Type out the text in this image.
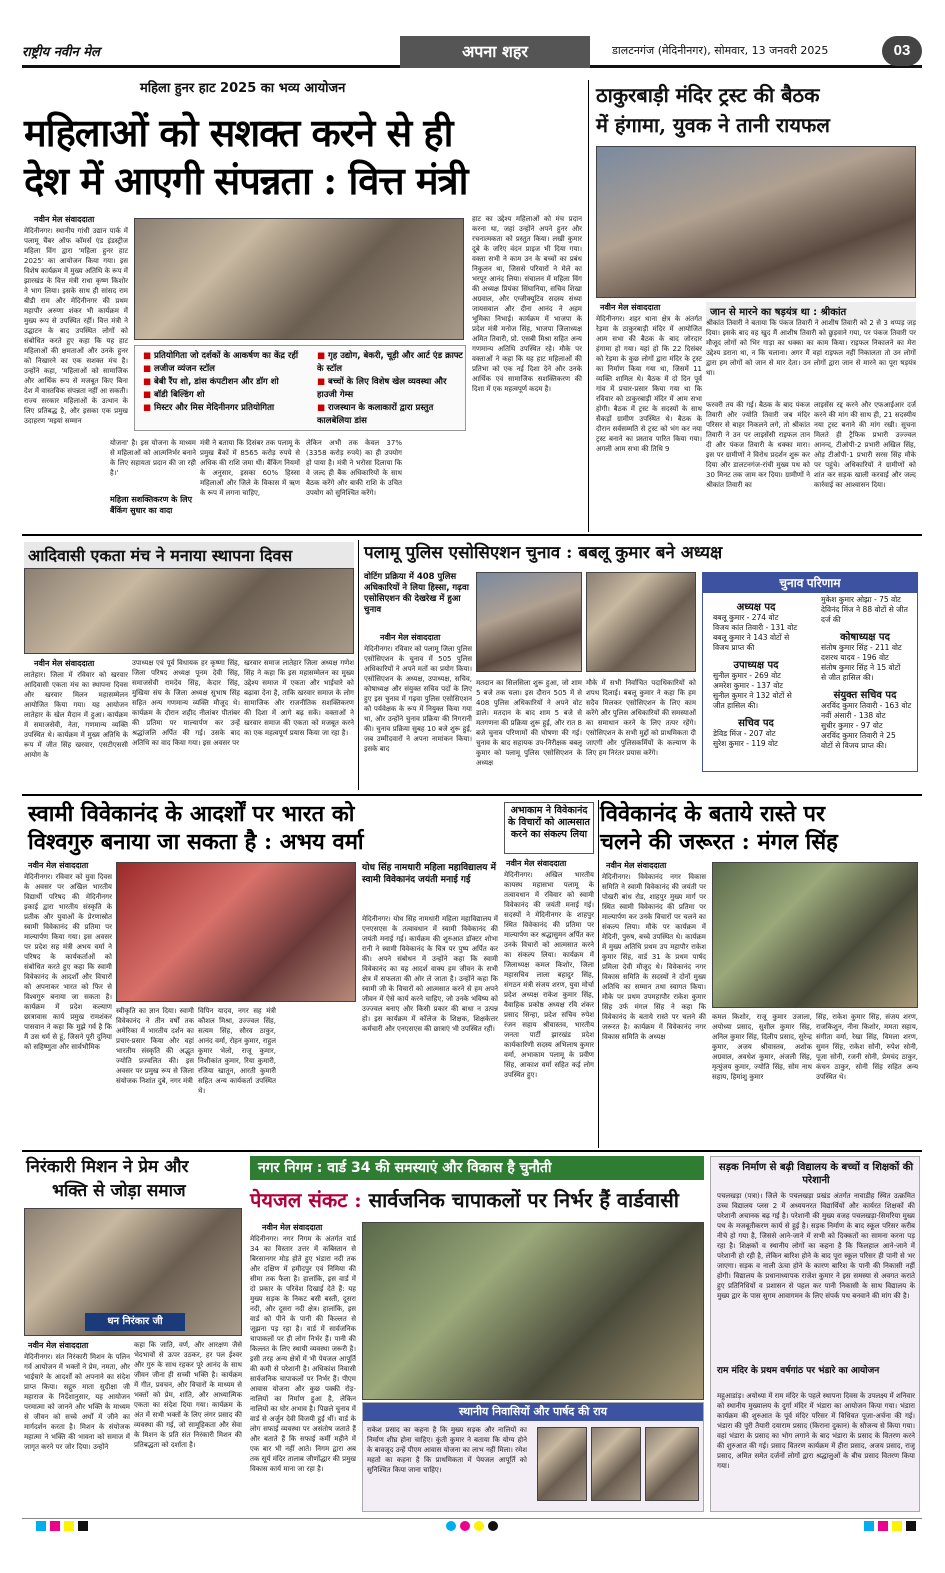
राष्ट्रीय नवीन मेल	अपना शहर	डालटनगंज (मेदिनीनगर), सोमवार, 13 जनवरी 2025	03
महिला हुनर हाट 2025 का भव्य आयोजन
महिलाओं को सशक्त करने से ही
देश में आएगी संपन्नता : वित्त मंत्री
नवीन मेल संवाददाता
मेदिनीनगर। स्थानीय गांधी उद्यान पार्क में पलामू चैंबर ऑफ कॉमर्स एंड इंडस्ट्रीज महिला विंग द्वारा 'महिला हुनर हाट 2025' का आयोजन किया गया। इस विशेष कार्यक्रम में मुख्य अतिथि के रूप में झारखंड के वित्त मंत्री राधा कृष्ण किशोर ने भाग लिया। इसके साथ ही सांसद राम बीडी राम और मेदिनीनगर की प्रथम महापौर अरुणा शंकर भी कार्यक्रम में मुख्य रूप से उपस्थित रहीं। वित्त मंत्री ने उद्घाटन के बाद उपस्थित लोगों को संबोधित करते हुए कहा कि यह हाट महिलाओं की क्षमताओं और उनके हुनर को निखारने का एक सशक्त मंच है। उन्होंने कहा, 'महिलाओं को सामाजिक और आर्थिक रूप से मजबूत किए बिना देश में वास्तविक संपन्नता नहीं आ सकती। राज्य सरकार महिलाओं के उत्थान के लिए प्रतिबद्ध है, और इसका एक प्रमुख उदाहरण 'मइयां सम्मान
हाट का उद्देश्य महिलाओं को मंच प्रदान करना था, जहां उन्होंने अपने हुनर और रचनात्मकता को प्रस्तुत किया। लखी कुमार दूबे के जरिए वंदन प्राइज भी दिया गया। वक्ता सभी ने काम उन के बच्चों का प्रबंध निकुलन था, जिससे परिवारों ने मेले का भरपूर आनंद लिया। संचालन में महिला विंग की अध्यक्ष प्रियंका सिंघानिया, सचिव शिखा अग्रवाल, और एग्जीक्यूटिव सदस्य संध्या जायसवाल और दीना आनंद ने अहम भूमिका निभाई। कार्यक्रम में भाजपा के प्रदेश मंत्री मनोज सिंह, भाजपा जिलाध्यक्ष अमित तिवारी, प्रो. एसबी मिश्रा सहित अन्य गणमान्य अतिथि उपस्थित रहे। मौके पर वक्ताओं ने कहा कि यह हाट महिलाओं की प्रतिभा को एक नई दिशा देने और उनके आर्थिक एवं सामाजिक सशक्तिकरण की दिशा में एक महत्वपूर्ण कदम है।
■ प्रतियोगिता जो दर्शकों के आकर्षण का केंद्र रहीं
■ लजीज व्यंजन स्टॉल
■ बेबी रैंप शो, डांस कंपटीशन और डॉग शो
■ बॉडी बिल्डिंग शो
■ मिस्टर और मिस मेदिनीनगर प्रतियोगिता
■ गृह उद्योग, बेकरी, चूड़ी और आर्ट एंड क्राफ्ट के स्टॉल
■ बच्चों के लिए विशेष खेल व्यवस्था और हाउजी गेम्स
■ राजस्थान के कलाकारों द्वारा प्रस्तुत कालबेलिया डांस
योजना' है। इस योजना के माध्यम से महिलाओं को आत्मनिर्भर बनाने के लिए सहायता प्रदान की जा रही है।'
मंत्री ने बताया कि दिसंबर तक पलामू के प्रमुख बैंकों में 8565 करोड़ रुपये से अधिक की राशि जमा थी। बैंकिंग नियमों के अनुसार, इसका 60% हिस्सा महिलाओं और जिले के विकास में ऋण के रूप में लगना चाहिए,
लेकिन अभी तक केवल 37% (3358 करोड़ रुपये) का ही उपयोग हो पाया है। मंत्री ने भरोसा दिलाया कि वे जल्द ही बैंक अधिकारियों के साथ बैठक करेंगे और बाकी राशि के उचित उपयोग को सुनिश्चित करेंगे।
महिला सशक्तिकरण के लिए बैंकिंग सुधार का वादा
ठाकुरबाड़ी मंदिर ट्रस्ट की बैठक
में हंगामा, युवक ने तानी रायफल
नवीन मेल संवाददाता	जान से मारने का षड़यंत्र था : श्रीकांत
मेदिनीनगर। शहर थाना क्षेत्र के अंतर्गत रेड़मा के ठाकुरबाड़ी मंदिर में आयोजित आम सभा की बैठक के बाद जोरदार हंगामा हो गया। यहां हो कि 22 दिसंबर को रेड़मा के कुछ लोगों द्वारा मंदिर के ट्रस्ट का निर्माण किया गया था, जिसमें 11 व्यक्ति शामिल थे। बैठक में दो दिन पूर्व गांव में प्रचार-प्रसार किया गया था कि रविवार को ठाकुरबाड़ी मंदिर में आम सभा होगी। बैठक में ट्रस्ट के सदस्यों के साथ सैकड़ों ग्रामीण उपस्थित थे। बैठक के दौरान सर्वसम्मति से ट्रस्ट को भंग कर नया ट्रस्ट बनाने का प्रस्ताव पारित किया गया। अगली आम सभा की तिथि 9
श्रीकांत तिवारी ने बताया कि पंकज तिवारी ने आशीष तिवारी को 2 से 3 थप्पड़ जड़ दिया। इसके बाद वह खुद मैं आशीष तिवारी को छुड़वाने गया, पर पंकज तिवारी पर मौजूद लोगों को भिर गाड़ा का धक्का का काम किया। राइफल निकालने का मेरा उद्देश्य डराना था, न कि चलाना। अगर मैं वहां राइफल नहीं निकालता तो उन लोगों द्वारा हम लोगों को जान से मार देता। उन लोगों द्वारा जान से मारने का पूरा षड़यंत्र था।
फरवरी तय की गई। बैठक के बाद पंकज तिवारी और ज्योति तिवारी जब मंदिर परिसर से बाहर निकलने लगे, तो श्रीकांत तिवारी ने उन पर लाइसेंसी राइफल तान दी और पंकज तिवारी के धक्का मारा। इस पर ग्रामीणों ने विरोध प्रदर्शन शुरू कर दिया और डालटनगंज-रांची मुख्य पथ को 30 मिनट तक जाम कर दिया। ग्रामीणों ने श्रीकांत तिवारी का
लाइसेंस रद्द करने और एफआईआर दर्ज करने की मांग की साथ ही, 21 सदस्यीय नया ट्रस्ट बनाने की मांग रखी। सूचना मिलते ही ट्रैफिक प्रभारी उज्ज्वल आनन्द, टीओपी-2 प्रभारी अखिल सिंह, ओड़ टीओपी-1 प्रभारी सरस सिंह मौके पर पहुंचे। अधिकारियों ने ग्रामीणों को शांत कर सड़क खाली करवाई और जल्द कार्रवाई का आश्वासन दिया।
आदिवासी एकता मंच ने मनाया स्थापना दिवस
नवीन मेल संवाददाता
लातेहार। जिला में रविवार को खरवार आदिवासी एकता मंच का स्थापना दिवस और खरवार मिलन महासम्मेलन आयोजित किया गया। यह आयोजन लातेहार के खेल मैदान में हुआ। कार्यक्रम में समाजसेवी, नेता, गणमान्य व्यक्ति उपस्थित थे। कार्यक्रम में मुख्य अतिथि के रूप में जीत सिंह खरवार, एसटीएससी आयोग के
उपाध्यक्ष एवं पूर्व विधायक हर कृष्णा सिंह, जिला परिषद अध्यक्ष पूनम देवी सिंह, समाजसेवी रामदेव सिंह, केदार सिंह, मुखिया संघ के जिला अध्यक्ष सुभाष सिंह सहित अन्य गणमान्य व्यक्ति मौजूद थे। कार्यक्रम के दौरान शहीद नीलांबर पीतांबर की प्रतिमा पर माल्यार्पण कर उन्हें श्रद्धांजलि अर्पित की गई। उसके बाद अतिथि का वाद किया गया। इस अवसर पर
खरवार समाज लातेहार जिला अध्यक्ष गणेश सिंह ने कहा कि इस महासम्मेलन का मुख्य उद्देश्य समाज में एकता और भाईचारे को बढ़ावा देना है, ताकि खरवार समाज के लोग सामाजिक और राजनीतिक सशक्तिकरण की दिशा में आगे बढ़ सकें। वक्ताओं ने खरवार समाज की एकता को मजबूत करने का एक महत्वपूर्ण प्रयास किया जा रहा है।
पलामू पुलिस एसोसिएशन चुनाव : बबलू कुमार बने अध्यक्ष
वोटिंग प्रक्रिया में 408 पुलिस अधिकारियों ने लिया हिस्सा, गढ़वा एसोसिएशन की देखरेख में हुआ चुनाव
नवीन मेल संवाददाता
मेदिनीनगर। रविवार को पलामू जिला पुलिस एसोसिएशन के चुनाव में 505 पुलिस अधिकारियों ने अपने मतों का प्रयोग किया। एसोसिएशन के अध्यक्ष, उपाध्यक्ष, सचिव, कोषाध्यक्ष और संयुक्त सचिव पदों के लिए हुए इस चुनाव में गढ़वा पुलिस एसोसिएशन को पर्यवेक्षक के रूप में नियुक्त किया गया था, और उन्होंने चुनाव प्रक्रिया की निगरानी की। चुनाव प्रक्रिया सुबह 10 बजे शुरू हुई, जब उम्मीदवारों ने अपना नामांकन किया। इसके बाद
मतदान का सिलसिला शुरू हुआ, जो शाम 5 बजे तक चला। इस दौरान 505 में से 408 पुलिस अधिकारियों ने अपने वोट डाले। मतदान के बाद शाम 5 बजे से मतगणना की प्रक्रिया शुरू हुई, और रात 8 बजे चुनाव परिणामों की घोषणा की गई। चुनाव के बाद सहायक उप-निरीक्षक बबलू कुमार को पलामू पुलिस एसोसिएशन के अध्यक्ष
मौके में सभी निर्वाचित पदाधिकारियों को शपथ दिलाई। बबलू कुमार ने कहा कि हम सदैव मिलकर एसोसिएशन के लिए काम करेंगे और पुलिस अधिकारियों की समस्याओं का समाधान करने के लिए तत्पर रहेंगे। एसोसिएशन के सभी मुद्दों को प्राथमिकता दी जाएगी और पुलिसकर्मियों के कल्याण के लिए हम निरंतर प्रयास करेंगे।
चुनाव परिणाम
अध्यक्ष पद
बबलू कुमार - 274 वोट
विजय कांत तिवारी - 131 वोट
बबलू कुमार ने 143 वोटों से
विजय प्राप्त की
उपाध्यक्ष पद
सुनील कुमार - 269 वोट
अमरेश कुमार - 137 वोट
सुनील कुमार ने 132 वोटों से
जीत हासिल की।
सचिव पद
डेविड मिंज - 207 वोट
सुरेश कुमार - 119 वोट
मुकेश कुमार ओझा - 75 वोट
देविनंद मिंज ने 88 वोटों से जीत
दर्ज की
कोषाध्यक्ष पद
संतोष कुमार सिंह - 211 वोट
दशरथ यादव - 196 वोट
संतोष कुमार सिंह ने 15 वोटों
से जीत हासिल की।
संयुक्त सचिव पद
अरविंद कुमार तिवारी - 163 वोट
नवीं अंसारी - 138 वोट
सुधीर कुमार - 97 वोट
अरविंद कुमार तिवारी ने 25
वोटों से विजय प्राप्त की।
स्वामी विवेकानंद के आदर्शों पर भारत को
विश्वगुरु बनाया जा सकता है : अभय वर्मा
नवीन मेल संवाददाता
मेदिनीनगर। रविवार को युवा दिवस के अवसर पर अखिल भारतीय विद्यार्थी परिषद की मेदिनीनगर इकाई द्वारा भारतीय संस्कृति के प्रतीक और युवाओं के प्रेरणास्रोत स्वामी विवेकानंद की प्रतिमा पर माल्यार्पण किया गया। इस अवसर पर प्रदेश सह मंत्री अभय वर्मा ने परिषद के कार्यकर्ताओं को संबोधित करते हुए कहा कि स्वामी विवेकानंद के आदर्शों और विचारों को अपनाकर भारत को फिर से विश्वगुरु बनाया जा सकता है। कार्यक्रम में प्रदेश कल्याण छात्रावास कार्य प्रमुख रामशंकर पासवान ने कहा कि मुझे गर्व है कि मैं उस धर्म से हूं, जिसने पूरी दुनिया को सहिष्णुता और सार्वभौमिक
स्वीकृति का ज्ञान दिया। स्वामी विवेकानंद ने तीन वर्षों तक अमेरिका में भारतीय दर्शन का प्रचार-प्रसार किया और वहां भारतीय संस्कृति की अद्भुत ज्योति प्रज्वलित की। इस अवसर पर प्रमुख रूप से जिला संयोजक निशांत दुबे, नगर मंत्री
विपिन यादव, नगर सह मंत्री कौशल मिश्रा, उज्ज्वल सिंह, सत्यम सिंह, सौरव ठाकुर, आनंद वर्मा, रोहन कुमार, राहुल कुमार भेलो, राजू कुमार, निशीकांत कुमार, रिया कुमारी, रजिया खातून, आरती कुमारी सहित अन्य कार्यकर्ता उपस्थित थे।
योध सिंह नामधारी महिला महाविद्यालय में स्वामी विवेकानंद जयंती मनाई गई
मेदिनीनगर। योध सिंह नामधारी महिला महाविद्यालय में एनएसएस के तत्वावधान में स्वामी विवेकानंद की जयंती मनाई गई। कार्यक्रम की शुरुआत डॉक्टर शोभा रानी ने स्वामी विवेकानंद के चित्र पर पुष्प अर्पित कर की। अपने संबोधन में उन्होंने कहा कि स्वामी विवेकानंद का यह आदर्श वाक्य हम जीवन के सभी क्षेत्र में सफलता की ओर ले जाता है। उन्होंने कहा कि स्वामी जी के विचारों को आत्मसात करने से हम अपने जीवन में ऐसे कार्य करने चाहिए, जो उनके भविष्य को उज्ज्वल बनाए और किसी प्रकार की बाधा न उत्पन्न हो। इस कार्यक्रम में कॉलेज के शिक्षक, शिक्षकेत्तर कर्मचारी और एनएसएस की छात्राएं भी उपस्थित रहीं।
अभाकाम ने विवेकानंद के विचारों को आत्मसात करने का संकल्प लिया
नवीन मेल संवाददाता
मेदिनीनगर। अखिल भारतीय कायस्थ महासभा पलामू के तत्वावधान में रविवार को स्वामी विवेकानंद की जयंती मनाई गई। सदस्यों ने मेदिनीनगर के शाहपुर स्थित विवेकानंद की प्रतिमा पर माल्यार्पण कर श्रद्धासुमन अर्पित कर उनके विचारों को आत्मसात करने का संकल्प लिया। कार्यक्रम में जिलाध्यक्ष कमल किशोर, जिला महासचिव लाला बहादुर सिंह, संगठन मंत्री संजय शरण, युवा मोर्चा प्रदेश अध्यक्ष राकेश कुमार सिंह, वैवाहिक प्रकोष्ठ अध्यक्ष रवि शंकर प्रसाद सिन्हा, प्रदेश सचिव रुपेश रंजन सहाय श्रीवास्तव, भारतीय जनता पार्टी झारखंड प्रदेश कार्यकारिणी सदस्य अभिलाष कुमार वर्मा, अभाकाम पलामू के प्रवीण सिंह, आकाश वर्मा सहित कई लोग उपस्थित हुए।
विवेकानंद के बताये रास्ते पर
चलने की जरूरत : मंगल सिंह
नवीन मेल संवाददाता
मेदिनीनगर। विवेकानंद नगर विकास समिति ने स्वामी विवेकानंद की जयंती पर पोखरी बांध रोड, शाहपुर मुख्य मार्ग पर स्थित स्वामी विवेकानंद की प्रतिमा पर माल्यार्पण कर उनके विचारों पर चलने का संकल्प लिया। मौके पर कार्यक्रम में मेदिनी, पुरुष, बच्चे उपस्थित थे। कार्यक्रम में मुख्य अतिथि प्रथम उप महापौर राकेश कुमार सिंह, वार्ड 31 के प्रथम पार्षद प्रमिला देवी मौजूद थे। विवेकानंद नगर विकास समिति के सदस्यों ने दोनों मुख्य अतिथि का सम्मान तथा स्वागत किया। मौके पर प्रथम उपमहापौर राकेश कुमार सिंह उर्फ मंगल सिंह ने कहा कि विवेकानंद के बताये रास्ते पर चलने की जरूरत है। कार्यक्रम में विवेकानंद नगर विकास समिति के अध्यक्ष
कमल किशोर, राजू कुमार उजाला, अयोध्या प्रसाद, सुशील कुमार सिंह, अनिल कुमार सिंह, दिलीप प्रसाद, सुरेन्द्र कुमार, अजय श्रीवास्तव, अशोक अग्रवाल, अवधेश कुमार, अंजली सिंह, मृत्युंजय कुमार, ज्योति सिंह, सोम नाथ सहाय, हिमांशु कुमार
सिंह, राकेश कुमार सिंह, संजय शरण, राजकिशुन, नीना किशोर, ममता सहाय, संगीता वर्मा, रेखा सिंह, विमला शरण, सुमन सिंह, राकेश सोनी, रुपेश सोनी, पूजा सोनी, रजनी सोनी, प्रेमचंद ठाकुर, कंचन ठाकुर, सोनी सिंह सहित अन्य उपस्थित थे।
निरंकारी मिशन ने प्रेम और
भक्ति से जोड़ा समाज
धन निरंकार जी
नवीन मेल संवाददाता
मेदिनीनगर। संत निरंकारी मिशन के पलिन गर्व आयोजन में भक्तों ने प्रेम, नमता, और भाईचारे के आदर्शों को अपनाने का संदेश प्राप्त किया। सद्गुरु माता सुदीक्षा जी महाराज के निर्देशानुसार, यह आयोजन परमात्मा को जानने और भक्ति के माध्यम से जीवन को सच्चे अर्थों में जीने का मार्गदर्शन करता है। मिशन के संयोजक महात्मा ने भक्ति की भावना को समाज में जागृत करने पर जोर दिया। उन्होंने
कहा कि जाति, वर्ण, और आरक्षण जैसे भेदभावों से ऊपर उठकर, हर पल ईश्वर और गुरु के साथ रहकर पूरे आनंद के साथ जीवन जीना ही सच्ची भक्ति है। कार्यक्रम में गीत, प्रवचन, और विचारों के माध्यम से भक्तों को प्रेम, शांति, और आध्यात्मिक एकता का संदेश दिया गया। कार्यक्रम के अंत में सभी भक्तों के लिए लंगर प्रसाद की व्यवस्था की गई, जो सामूहिकता और सेवा के मिशन के प्रति संत निरंकारी मिशन की प्रतिबद्धता को दर्शाता है।
नगर निगम : वार्ड 34 की समस्याएं और विकास है चुनौती
पेयजल संकट : सार्वजनिक चापाकलों पर निर्भर हैं वार्डवासी
नवीन मेल संवाददाता
मेदिनीनगर। नगर निगम के अंतर्गत वार्ड 34 का विस्तार उत्तर में कबिस्तान से बिरसानगर मोड़ होते हुए भंडारा नदी तक और दक्षिण में हमीदपुर एवं निमिया की सीमा तक फैला है। हालांकि, इस वार्ड में दो प्रकार के परिवेश दिखाई देते हैं: यह मुख्य सड़क के निकट बसी बस्ती, दूसरा नदी, और दूसरा नदी क्षेत्र। हालांकि, इस वार्ड को पीने के पानी की किल्लत से जूझना पड़ रहा है। वार्ड में सार्वजनिक चापाकलों पर ही लोग निर्भर हैं। पानी की किल्लत के लिए स्थायी व्यवस्था जरूरी है। इसी तरह अन्य क्षेत्रों में भी पेयजल आपूर्ति की कमी से परेशानी है। अधिकांश निवासी सार्वजनिक चापाकलों पर निर्भर हैं। पीएम आवास योजना और कुछ पक्की रोड़-नालियों का निर्माण हुआ है, लेकिन नालियों का घोर अभाव है। पिछले चुनाव में वार्ड से अर्जुन देवी विजयी हुई थीं। वार्ड के लोग सफाई व्यवस्था पर असंतोष जताते हैं और बताते हैं कि सफाई कर्मी महीने में एक बार भी नहीं आते। निगम द्वारा अब तक सूर्य मंदिर तालाब जीर्णोद्धार की प्रमुख विकास कार्य माना जा रहा है।
स्थानीय निवासियों और पार्षद की राय
राकेश प्रसाद का कहना है कि मुख्य सड़क और नालियों का निर्माण शीघ्र होना चाहिए। कुंती कुमार ने बताया कि योग्य होने के बावजूद उन्हें पीएम आवास योजना का लाभ नहीं मिला। रमेश महतो का कहना है कि प्राथमिकता में पेयजल आपूर्ति को सुनिश्चित किया जाना चाहिए।
सड़क निर्माण से बढ़ी विद्यालय के बच्चों व शिक्षकों की परेशानी
पचलखड़ा (पत्रा)। जिले के पचलखड़ा प्रखंड अंतर्गत नावाडीह स्थित उत्क्रमित उच्च विद्यालय प्लस 2 में अध्ययनरत विद्यार्थियों और कार्यरत शिक्षकों की परेशानी अचानक बढ़ गई है। परेशानी की मुख्य वजह पचलखड़ा-सिमरिया मुख्य पथ के मजबूतीकरण कार्य से हुई है। सड़क निर्माण के बाद स्कूल परिसर करीब नीचे हो गया है, जिससे आने-जाने में सभी को दिक्कतों का सामना करना पड़ रहा है। शिक्षकों व स्थानीय लोगों का कहना है कि फिलहाल आने-जाने में परेशानी हो रही है, लेकिन बारिश होने के बाद पूरा स्कूल परिसर ही पानी से भर जाएगा। सड़क व नाली ऊंचा होने के कारण बारिश के पानी की निकासी नहीं होगी। विद्यालय के प्रधानाध्यापक राजेश कुमार ने इस समस्या से अवगत कराते हुए प्रतिनिधियों व प्रशासन से पहल कर पानी निकासी के साथ विद्यालय के मुख्य द्वार के पास सुगम आवागमन के लिए संपर्क पथ बनवाने की मांग की है।
राम मंदिर के प्रथम वर्षगांठ पर भंडारे का आयोजन
महुआडांड़। अयोध्या में राम मंदिर के पहले स्थापना दिवस के उपलक्ष्य में शनिवार को स्थानीय मुख्यालय के दुर्गा मंदिर में भंडारा का आयोजन किया गया। भंडारा कार्यक्रम की शुरुआत के पूर्व मंदिर परिसर में विधिवत पूजा-अर्चना की गई। भंडारा की पूरी तैयारी दयाराम प्रसाद (किराना दुकान) के सौजन्य से किया गया। वहां भंडारा के प्रसाद का भोग लगाने के बाद भंडारा के प्रसाद के वितरण करने की शुरुआत की गई। प्रसाद वितरण कार्यक्रम में हीरा प्रसाद, अजय प्रसाद, राजू प्रसाद, अमित समेत दर्जनों लोगों द्वारा श्रद्धालुओं के बीच प्रसाद वितरण किया गया।
